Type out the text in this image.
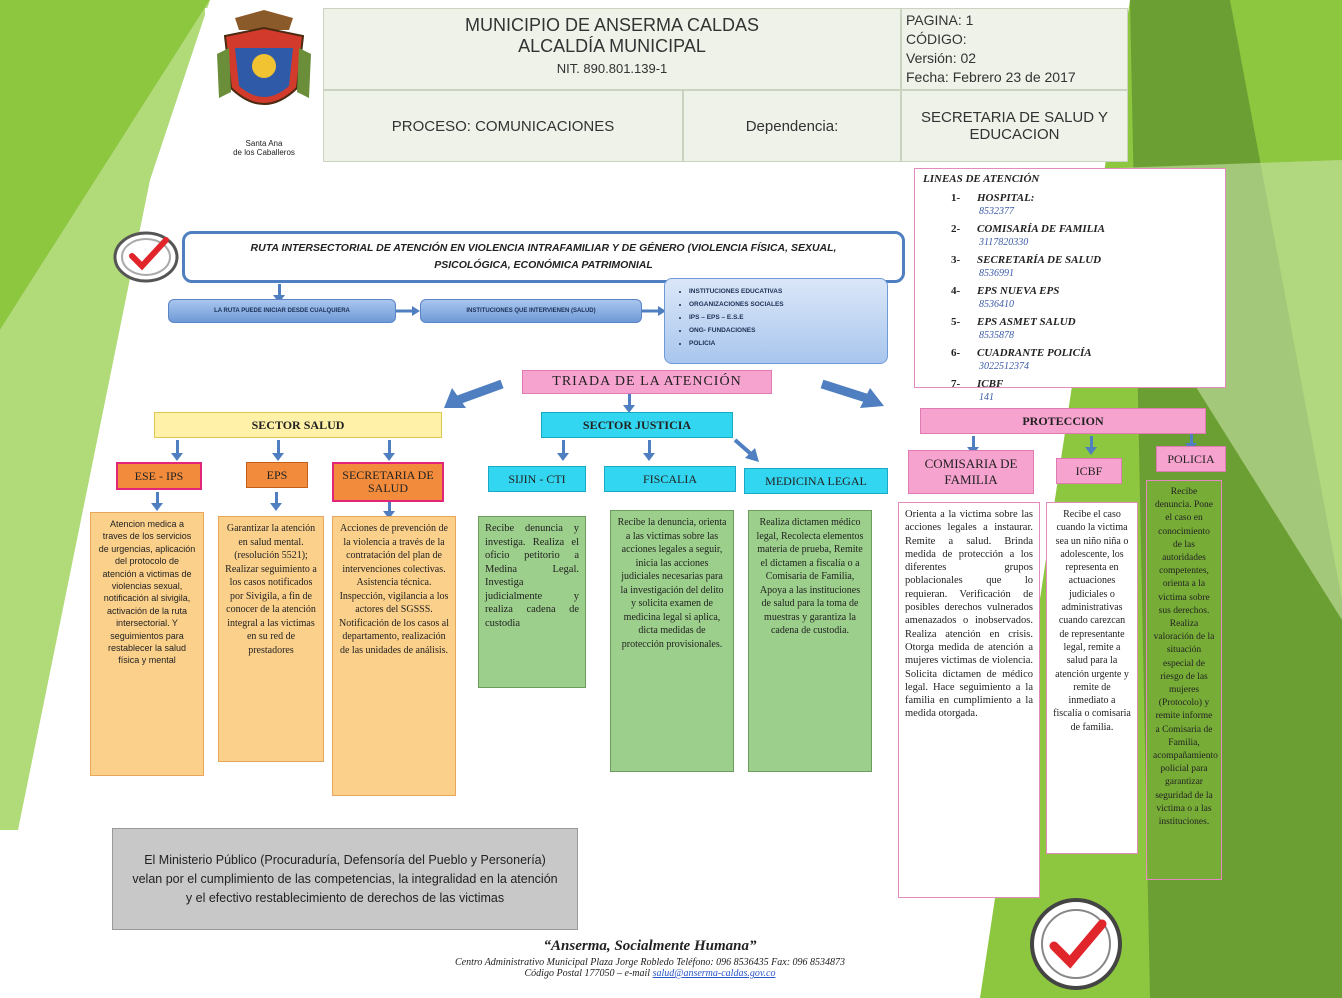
Santa Ana
de los Caballeros
MUNICIPIO DE ANSERMA CALDAS
ALCALDÍA MUNICIPAL
NIT. 890.801.139-1
PAGINA: 1
CÓDIGO:
Versión: 02
Fecha: Febrero 23 de 2017
PROCESO: COMUNICACIONES	Dependencia:	SECRETARIA DE SALUD Y EDUCACION
RUTA INTERSECTORIAL DE ATENCIÓN EN VIOLENCIA INTRAFAMILIAR Y DE GÉNERO (VIOLENCIA FÍSICA, SEXUAL, PSICOLÓGICA, ECONÓMICA PATRIMONIAL
LA RUTA PUEDE INICIAR DESDE CUALQUIERA	INSTITUCIONES QUE INTERVIENEN (SALUD)
• INSTITUCIONES EDUCATIVAS
• ORGANIZACIONES SOCIALES
• IPS – EPS – E.S.E
• ONG- FUNDACIONES
• POLICIA
LINEAS DE ATENCIÓN
1- HOSPITAL:
8532377
2- COMISARÍA DE FAMILIA
3117820330
3- SECRETARÍA DE SALUD
8536991
4- EPS NUEVA EPS
8536410
5- EPS ASMET SALUD
8535878
6- CUADRANTE POLICÍA
3022512374
7- ICBF
141
TRIADA DE LA ATENCIÓN
SECTOR SALUD	SECTOR JUSTICIA	PROTECCION
ESE - IPS	EPS	SECRETARIA DE SALUD
Atencion medica a traves de los servicios de urgencias, aplicación del protocolo de atención a victimas de violencias sexual, notificación al sivigila, activación de la ruta intersectorial. Y seguimientos para restablecer la salud física y mental
Garantizar la atención en salud mental. (resolución 5521); Realizar seguimiento a los casos notificados por Sivigila, a fin de conocer de la atención integral a las victimas en su red de prestadores
Acciones de prevención de la violencia a través de la contratación del plan de intervenciones colectivas. Asistencia técnica. Inspección, vigilancia a los actores del SGSSS. Notificación de los casos al departamento, realización de las unidades de análisis.
SIJIN - CTI	FISCALIA	MEDICINA LEGAL
Recibe denuncia y investiga. Realiza el oficio petitorio a Medina Legal. Investiga judicialmente y realiza cadena de custodia
Recibe la denuncia, orienta a las victimas sobre las acciones legales a seguir, inicia las acciones judiciales necesarias para la investigación del delito y solicita examen de medicina legal si aplica, dicta medidas de protección provisionales.
Realiza dictamen médico legal, Recolecta elementos materia de prueba, Remite el dictamen a fiscalía o a Comisaria de Familia, Apoya a las instituciones de salud para la toma de muestras y garantiza la cadena de custodia.
COMISARIA DE FAMILIA
ICBF
POLICIA
Orienta a la victima sobre las acciones legales a instaurar. Remite a salud. Brinda medida de protección a los diferentes grupos poblacionales que lo requieran. Verificación de posibles derechos vulnerados amenazados o inobservados. Realiza atención en crisis. Otorga medida de atención a mujeres victimas de violencia. Solicita dictamen de médico legal. Hace seguimiento a la familia en cumplimiento a la medida otorgada.
Recibe el caso cuando la victima sea un niño niña o adolescente, los representa en actuaciones judiciales o administrativas cuando carezcan de representante legal, remite a salud para la atención urgente y remite de inmediato a fiscalía o comisaria de familia.
Recibe denuncia. Pone el caso en conocimiento de las autoridades competentes, orienta a la victima sobre sus derechos. Realiza valoración de la situación especial de riesgo de las mujeres (Protocolo) y remite informe a Comisaria de Familia, acompañamiento policial para garantizar seguridad de la victima o a las instituciones.
El Ministerio Público (Procuraduría, Defensoría del Pueblo y Personería) velan por el cumplimiento de las competencias, la integralidad en la atención y el efectivo restablecimiento de derechos de las victimas
“Anserma, Socialmente Humana”
Centro Administrativo Municipal Plaza Jorge Robledo Teléfono: 096 8536435 Fax: 096 8534873
Código Postal 177050 – e-mail salud@anserma-caldas.gov.co
